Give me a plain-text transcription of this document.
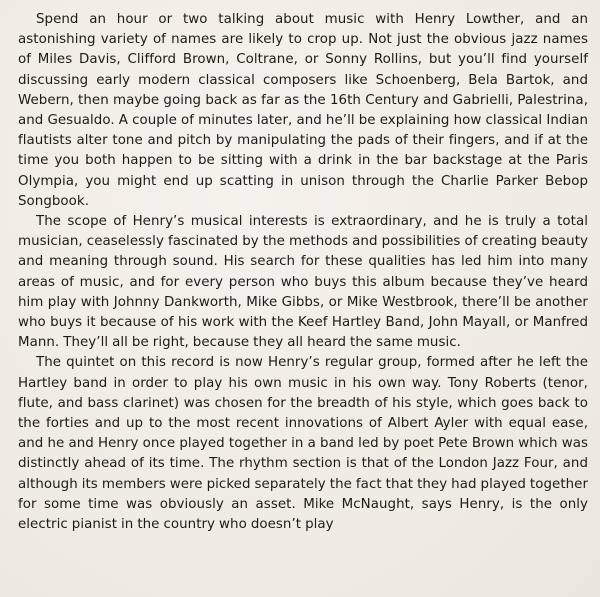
Spend an hour or two talking about music with Henry Lowther, and an astonishing variety of names are likely to crop up. Not just the obvious jazz names of Miles Davis, Clifford Brown, Coltrane, or Sonny Rollins, but you’ll find yourself discussing early modern classical composers like Schoenberg, Bela Bartok, and Webern, then maybe going back as far as the 16th Century and Gabrielli, Palestrina, and Gesualdo. A couple of minutes later, and he’ll be explaining how classical Indian flautists alter tone and pitch by manipulating the pads of their fingers, and if at the time you both happen to be sitting with a drink in the bar backstage at the Paris Olympia, you might end up scatting in unison through the Charlie Parker Bebop Songbook.

The scope of Henry’s musical interests is extraordinary, and he is truly a total musician, ceaselessly fascinated by the methods and possibilities of creating beauty and meaning through sound. His search for these qualities has led him into many areas of music, and for every person who buys this album because they’ve heard him play with Johnny Dankworth, Mike Gibbs, or Mike Westbrook, there’ll be another who buys it because of his work with the Keef Hartley Band, John Mayall, or Manfred Mann. They’ll all be right, because they all heard the same music.

The quintet on this record is now Henry’s regular group, formed after he left the Hartley band in order to play his own music in his own way. Tony Roberts (tenor, flute, and bass clarinet) was chosen for the breadth of his style, which goes back to the forties and up to the most recent innovations of Albert Ayler with equal ease, and he and Henry once played together in a band led by poet Pete Brown which was distinctly ahead of its time. The rhythm section is that of the London Jazz Four, and although its members were picked separately the fact that they had played together for some time was obviously an asset. Mike McNaught, says Henry, is the only electric pianist in the country who doesn’t play
